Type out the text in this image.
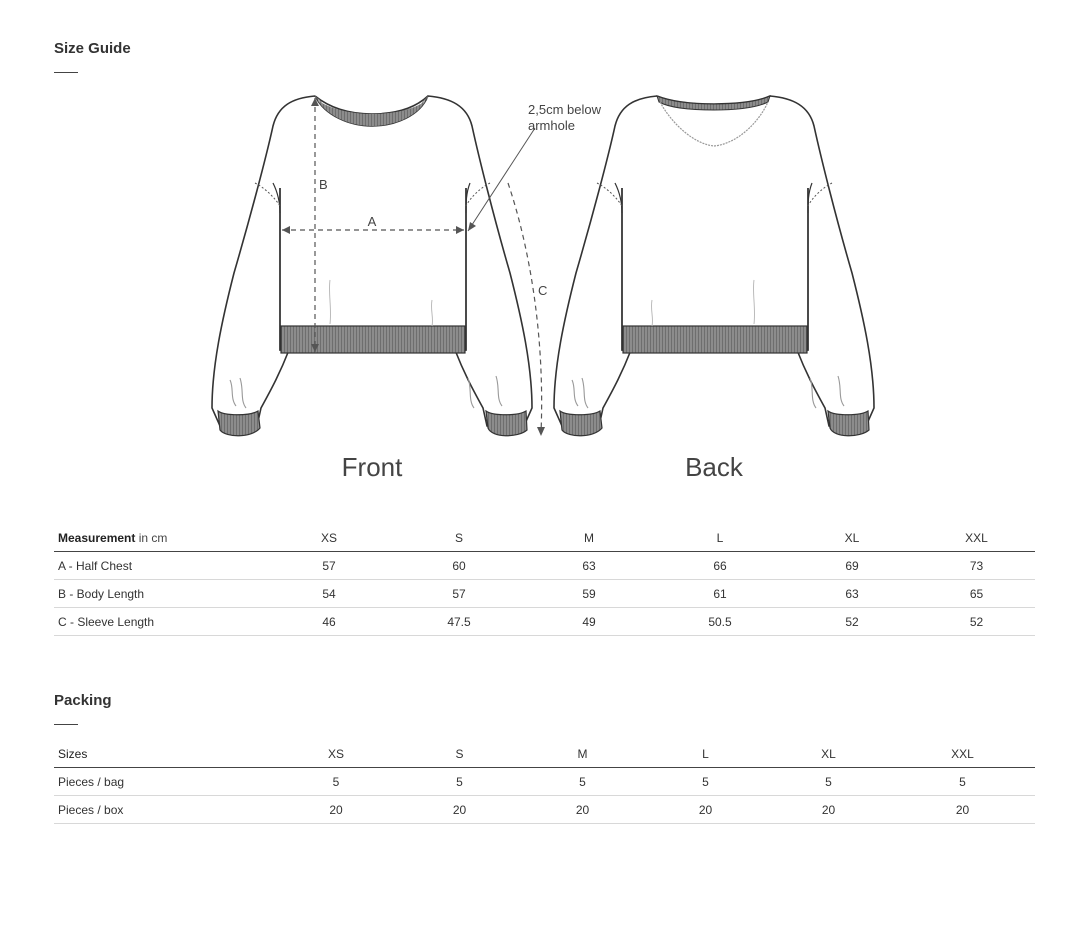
Size Guide
A
B
C
2,5cm below
armhole
Front	Back
Measurement in cm	XS	S	M	L	XL	XXL
A - Half Chest	57	60	63	66	69	73
B - Body Length	54	57	59	61	63	65
C - Sleeve Length	46	47.5	49	50.5	52	52
Packing
Sizes	XS	S	M	L	XL	XXL
Pieces / bag	5	5	5	5	5	5
Pieces / box	20	20	20	20	20	20
